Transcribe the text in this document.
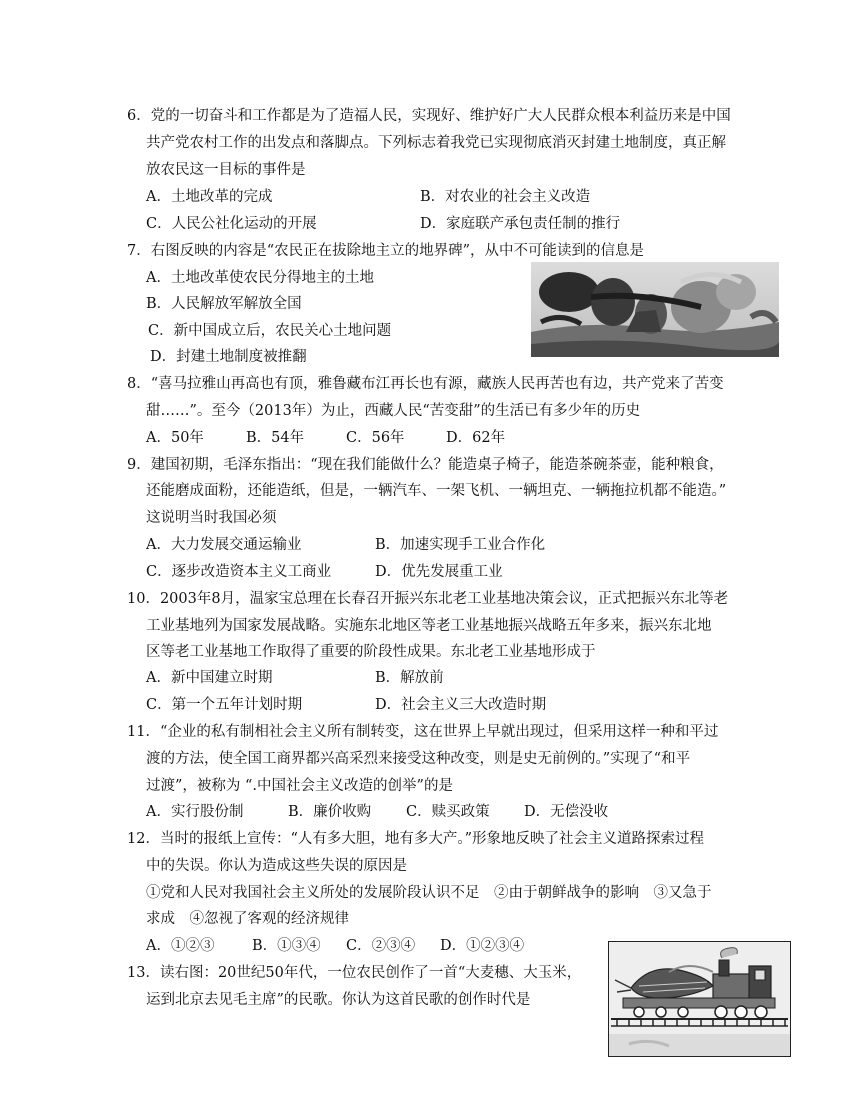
6．党的一切奋斗和工作都是为了造福人民，实现好、维护好广大人民群众根本利益历来是中国
共产党农村工作的出发点和落脚点。下列标志着我党已实现彻底消灭封建土地制度，真正解
放农民这一目标的事件是
A．土地改革的完成	B．对农业的社会主义改造
C．人民公社化运动的开展	D．家庭联产承包责任制的推行
7．右图反映的内容是“农民正在拔除地主立的地界碑”，从中不可能读到的信息是
A．土地改革使农民分得地主的土地
B．人民解放军解放全国
C．新中国成立后，农民关心土地问题
D．封建土地制度被推翻
8．“喜马拉雅山再高也有顶，雅鲁藏布江再长也有源，藏族人民再苦也有边，共产党来了苦变
甜……”。至今（2013年）为止，西藏人民“苦变甜”的生活已有多少年的历史
A．50年	B．54年	C．56年	D．62年
9．建国初期，毛泽东指出：“现在我们能做什么？能造桌子椅子，能造茶碗茶壶，能种粮食，
还能磨成面粉，还能造纸，但是，一辆汽车、一架飞机、一辆坦克、一辆拖拉机都不能造。”
这说明当时我国必须
A．大力发展交通运输业	B．加速实现手工业合作化
C．逐步改造资本主义工商业	D．优先发展重工业
10．2003年8月，温家宝总理在长春召开振兴东北老工业基地决策会议，正式把振兴东北等老
工业基地列为国家发展战略。实施东北地区等老工业基地振兴战略五年多来，振兴东北地
区等老工业基地工作取得了重要的阶段性成果。东北老工业基地形成于
A．新中国建立时期	B．解放前
C．第一个五年计划时期	D．社会主义三大改造时期
11．“企业的私有制相社会主义所有制转变，这在世界上早就出现过，但采用这样一种和平过
渡的方法，使全国工商界都兴高采烈来接受这种改变，则是史无前例的。”实现了“和平
过渡”，被称为 “.中国社会主义改造的创举”的是
A．实行股份制	B．廉价收购 C．赎买政策 D．无偿没收
12．当时的报纸上宣传：“人有多大胆，地有多大产。”形象地反映了社会主义道路探索过程
中的失误。你认为造成这些失误的原因是
①党和人民对我国社会主义所处的发展阶段认识不足　②由于朝鲜战争的影响　③又急于
求成　④忽视了客观的经济规律
A．①②③	B．①③④ C．②③④ D．①②③④
13．读右图：20世纪50年代，一位农民创作了一首“大麦穗、大玉米，
运到北京去见毛主席”的民歌。你认为这首民歌的创作时代是
